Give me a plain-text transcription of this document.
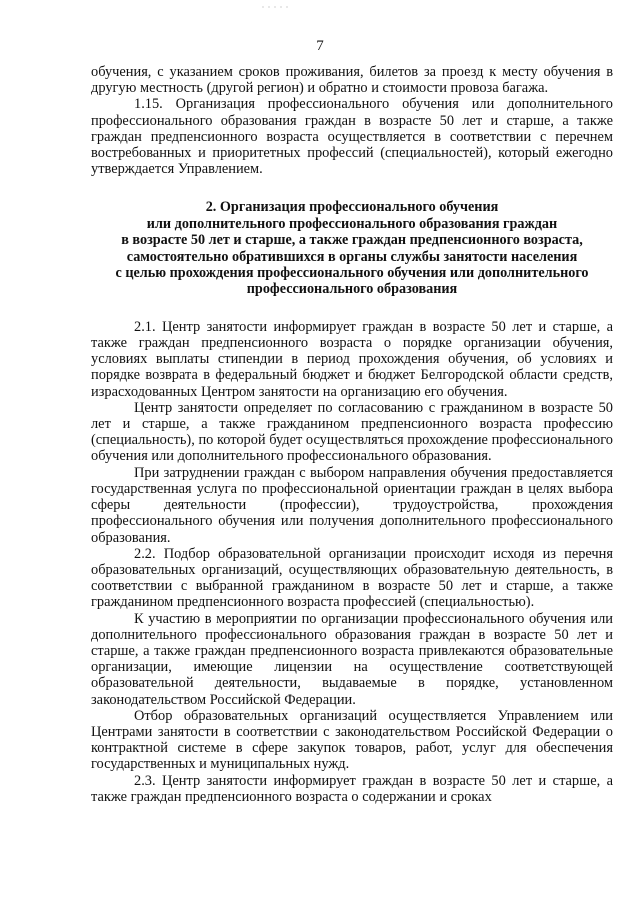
7

обучения, с указанием сроков проживания, билетов за проезд к месту обучения в другую местность (другой регион) и обратно и стоимости провоза багажа.

1.15. Организация профессионального обучения или дополнительного профессионального образования граждан в возрасте 50 лет и старше, а также граждан предпенсионного возраста осуществляется в соответствии с перечнем востребованных и приоритетных профессий (специальностей), который ежегодно утверждается Управлением.

2. Организация профессионального обучения
или дополнительного профессионального образования граждан
в возрасте 50 лет и старше, а также граждан предпенсионного возраста,
самостоятельно обратившихся в органы службы занятости населения
с целью прохождения профессионального обучения или дополнительного
профессионального образования

2.1. Центр занятости информирует граждан в возрасте 50 лет и старше, а также граждан предпенсионного возраста о порядке организации обучения, условиях выплаты стипендии в период прохождения обучения, об условиях и порядке возврата в федеральный бюджет и бюджет Белгородской области средств, израсходованных Центром занятости на организацию его обучения.

Центр занятости определяет по согласованию с гражданином в возрасте 50 лет и старше, а также гражданином предпенсионного возраста профессию (специальность), по которой будет осуществляться прохождение профессионального обучения или дополнительного профессионального образования.

При затруднении граждан с выбором направления обучения предоставляется государственная услуга по профессиональной ориентации граждан в целях выбора сферы деятельности (профессии), трудоустройства, прохождения профессионального обучения или получения дополнительного профессионального образования.

2.2. Подбор образовательной организации происходит исходя из перечня образовательных организаций, осуществляющих образовательную деятельность, в соответствии с выбранной гражданином в возрасте 50 лет и старше, а также гражданином предпенсионного возраста профессией (специальностью).

К участию в мероприятии по организации профессионального обучения или дополнительного профессионального образования граждан в возрасте 50 лет и старше, а также граждан предпенсионного возраста привлекаются образовательные организации, имеющие лицензии на осуществление соответствующей образовательной деятельности, выдаваемые в порядке, установленном законодательством Российской Федерации.

Отбор образовательных организаций осуществляется Управлением или Центрами занятости в соответствии с законодательством Российской Федерации о контрактной системе в сфере закупок товаров, работ, услуг для обеспечения государственных и муниципальных нужд.

2.3. Центр занятости информирует граждан в возрасте 50 лет и старше, а также граждан предпенсионного возраста о содержании и сроках
